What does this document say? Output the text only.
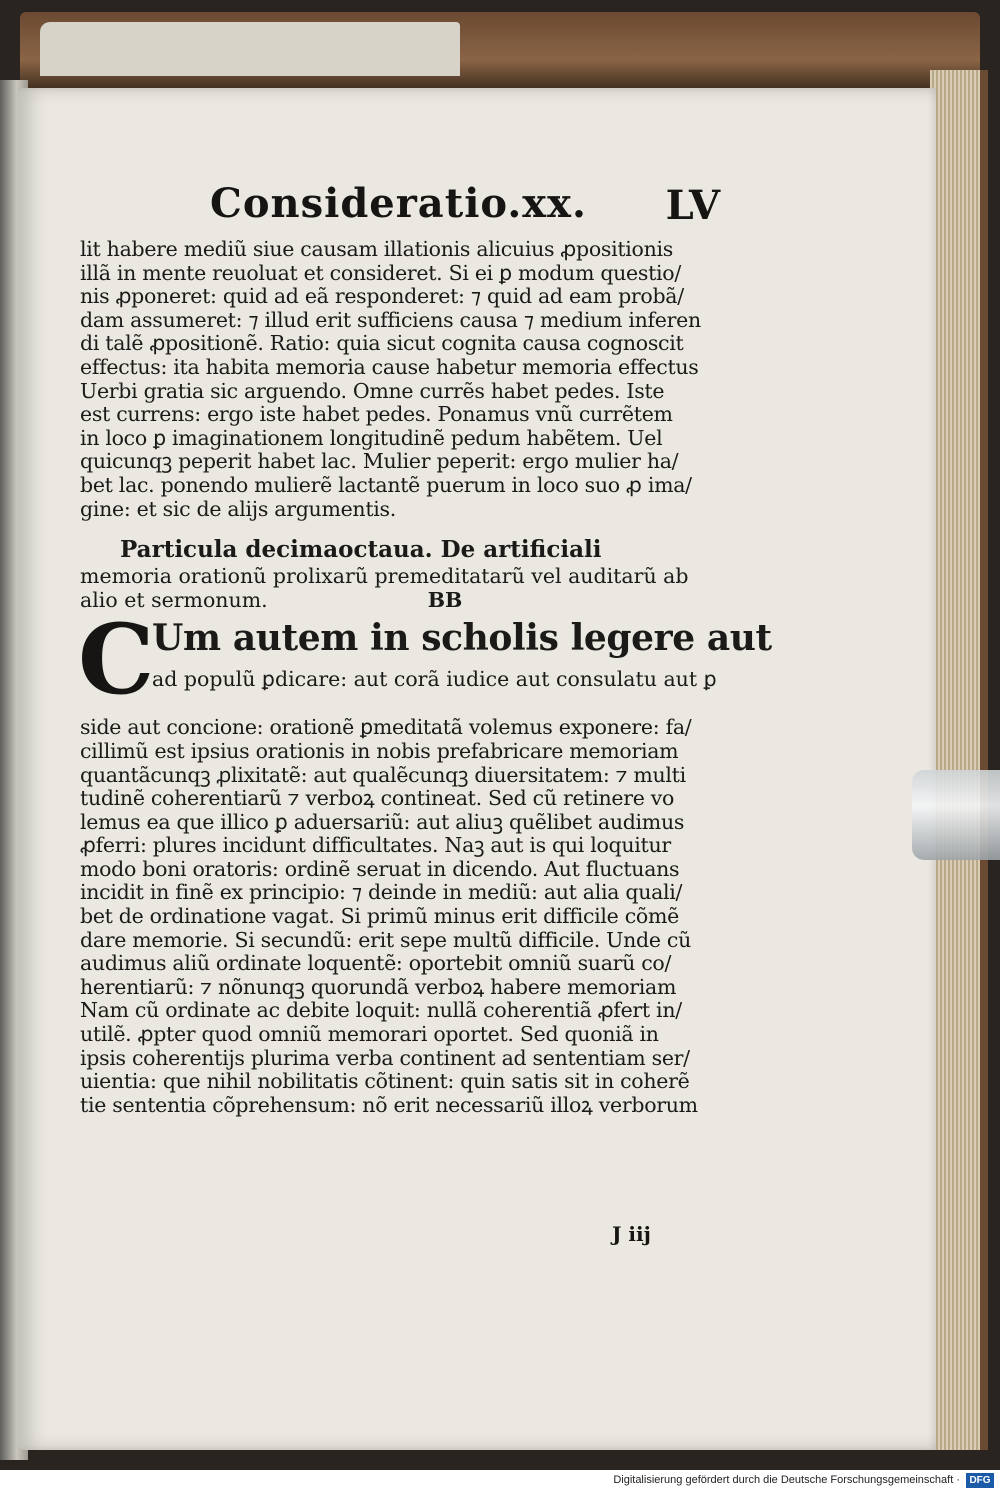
Consideratio.xx. LV
lit habere mediũ siue causam illationis alicuius ꝓpositionis
illã in mente reuoluat et consideret. Si ei ꝑ modum questio/
nis ꝓponeret: quid ad eã responderet: ⁊ quid ad eam probã/
dam assumeret: ⁊ illud erit sufficiens causa ⁊ medium inferen
di talẽ ꝓpositionẽ. Ratio: quia sicut cognita causa cognoscit
effectus: ita habita memoria cause habetur memoria effectus
Uerbi gratia sic arguendo. Omne currẽs habet pedes. Iste
est currens: ergo iste habet pedes. Ponamus vnũ currẽtem
in loco ꝑ imaginationem longitudinẽ pedum habẽtem. Uel
quicunqꝫ peperit habet lac. Mulier peperit: ergo mulier ha/
bet lac. ponendo mulierẽ lactantẽ puerum in loco suo ꝓ ima/
gine: et sic de alijs argumentis.
Particula decimaoctaua. De artificiali
memoria orationũ prolixarũ premeditatarũ vel auditarũ ab
alio et sermonum.	BB
C
Um autem in scholis legere aut
ad populũ ꝑdicare: aut corã iudice aut consulatu aut ꝑ
side aut concione: orationẽ ꝑmeditatã volemus exponere: fa/
cillimũ est ipsius orationis in nobis prefabricare memoriam
quantãcunqꝫ ꝓlixitatẽ: aut qualẽcunqꝫ diuersitatem: ⁊ multi
tudinẽ coherentiarũ ⁊ verboꝝ contineat. Sed cũ retinere vo
lemus ea que illico ꝑ aduersariũ: aut aliuꝫ quẽlibet audimus
ꝓferri: plures incidunt difficultates. Naꝫ aut is qui loquitur
modo boni oratoris: ordinẽ seruat in dicendo. Aut fluctuans
incidit in finẽ ex principio: ⁊ deinde in mediũ: aut alia quali/
bet de ordinatione vagat. Si primũ minus erit difficile cõmẽ
dare memorie. Si secundũ: erit sepe multũ difficile. Unde cũ
audimus aliũ ordinate loquentẽ: oportebit omniũ suarũ co/
herentiarũ: ⁊ nõnunqꝫ quorundã verboꝝ habere memoriam
Nam cũ ordinate ac debite loquit: nullã coherentiã ꝓfert in/
utilẽ. ꝓpter quod omniũ memorari oportet. Sed quoniã in
ipsis coherentijs plurima verba continent ad sententiam ser/
uientia: que nihil nobilitatis cõtinent: quin satis sit in coherẽ
tie sententia cõprehensum: nõ erit necessariũ illoꝝ verborum
J iij
Digitalisierung gefördert durch die Deutsche Forschungsgemeinschaft · DFG
